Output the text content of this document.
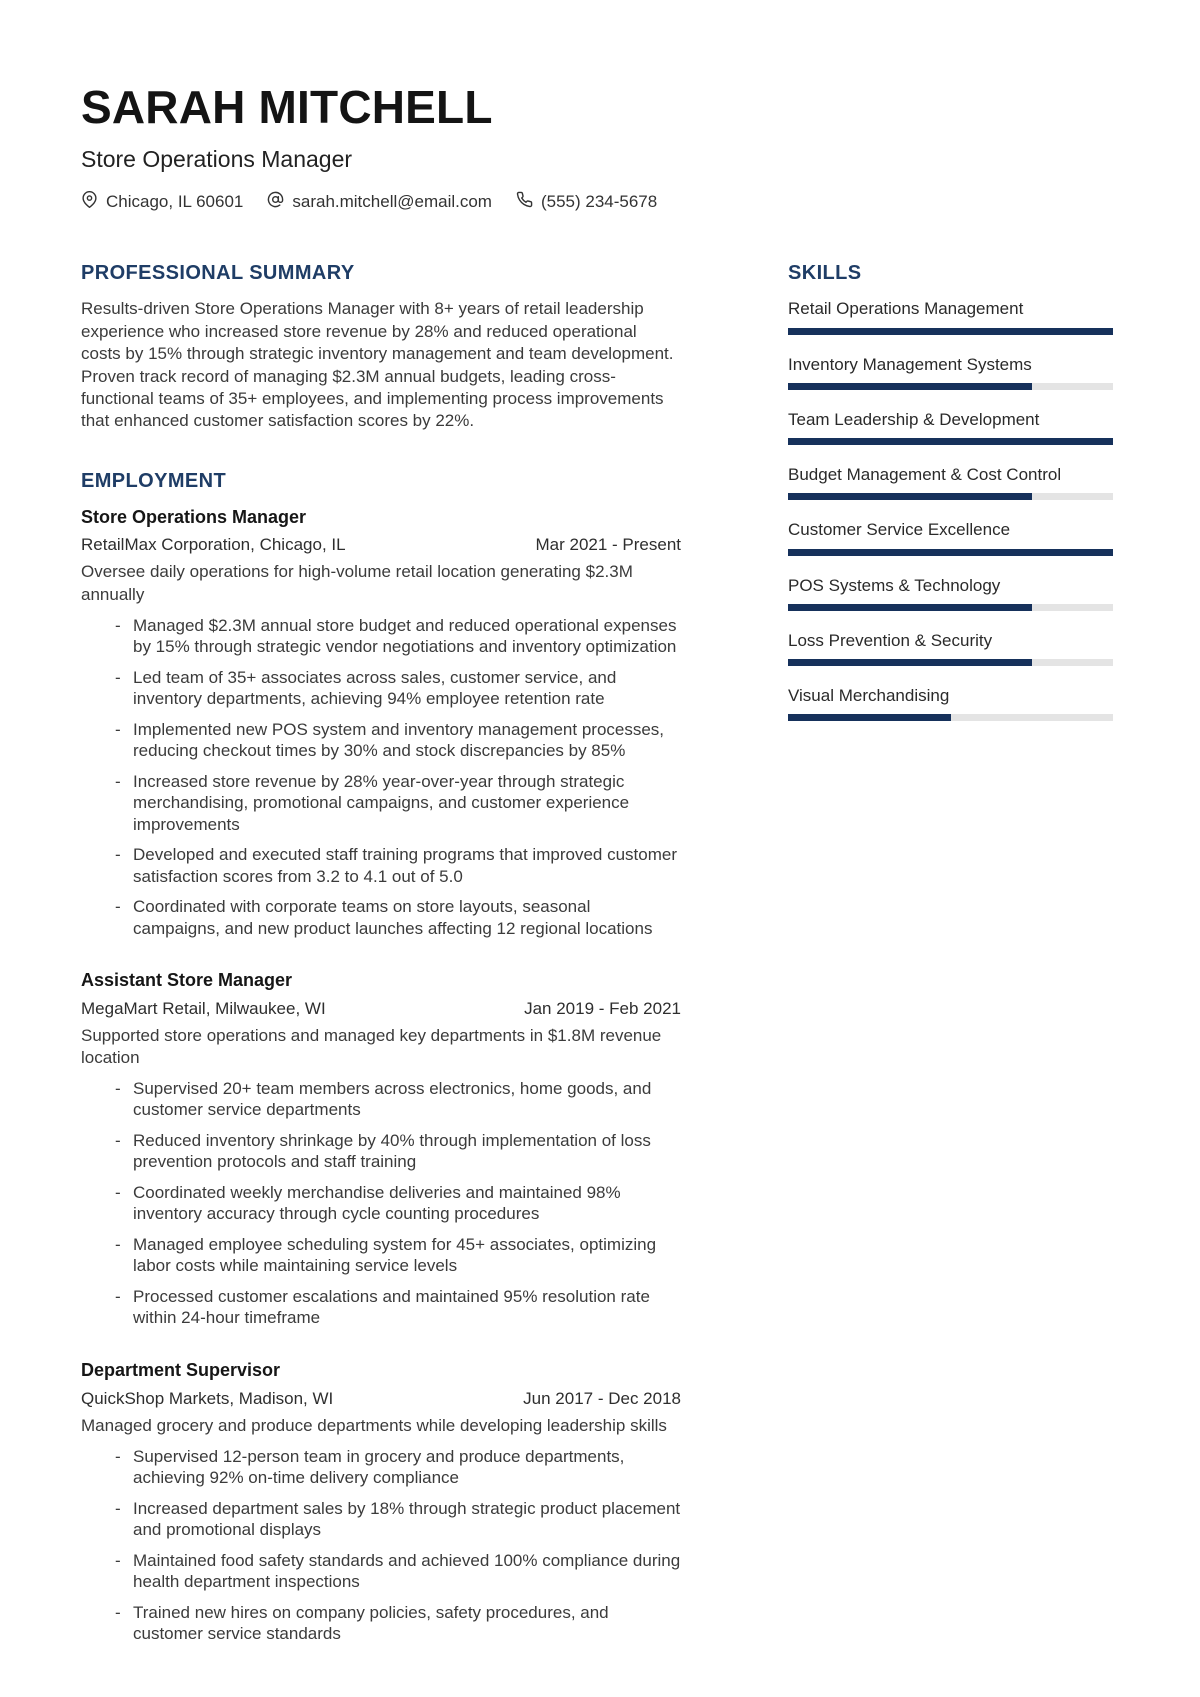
SARAH MITCHELL
Store Operations Manager
Chicago, IL 60601	sarah.mitchell@email.com	(555) 234-5678
PROFESSIONAL SUMMARY

Results-driven Store Operations Manager with 8+ years of retail leadership experience who increased store revenue by 28% and reduced operational costs by 15% through strategic inventory management and team development. Proven track record of managing $2.3M annual budgets, leading cross-functional teams of 35+ employees, and implementing process improvements that enhanced customer satisfaction scores by 22%.

EMPLOYMENT
Store Operations Manager
RetailMax Corporation, Chicago, IL	Mar 2021 - Present
Oversee daily operations for high-volume retail location generating $2.3M annually
- Managed $2.3M annual store budget and reduced operational expenses by 15% through strategic vendor negotiations and inventory optimization
- Led team of 35+ associates across sales, customer service, and inventory departments, achieving 94% employee retention rate
- Implemented new POS system and inventory management processes, reducing checkout times by 30% and stock discrepancies by 85%
- Increased store revenue by 28% year-over-year through strategic merchandising, promotional campaigns, and customer experience improvements
- Developed and executed staff training programs that improved customer satisfaction scores from 3.2 to 4.1 out of 5.0
- Coordinated with corporate teams on store layouts, seasonal campaigns, and new product launches affecting 12 regional locations
Assistant Store Manager
MegaMart Retail, Milwaukee, WI	Jan 2019 - Feb 2021
Supported store operations and managed key departments in $1.8M revenue location
- Supervised 20+ team members across electronics, home goods, and customer service departments
- Reduced inventory shrinkage by 40% through implementation of loss prevention protocols and staff training
- Coordinated weekly merchandise deliveries and maintained 98% inventory accuracy through cycle counting procedures
- Managed employee scheduling system for 45+ associates, optimizing labor costs while maintaining service levels
- Processed customer escalations and maintained 95% resolution rate within 24-hour timeframe
Department Supervisor
QuickShop Markets, Madison, WI	Jun 2017 - Dec 2018
Managed grocery and produce departments while developing leadership skills
- Supervised 12-person team in grocery and produce departments, achieving 92% on-time delivery compliance
- Increased department sales by 18% through strategic product placement and promotional displays
- Maintained food safety standards and achieved 100% compliance during health department inspections
- Trained new hires on company policies, safety procedures, and customer service standards
SKILLS
Retail Operations Management
Inventory Management Systems
Team Leadership & Development
Budget Management & Cost Control
Customer Service Excellence
POS Systems & Technology
Loss Prevention & Security
Visual Merchandising
